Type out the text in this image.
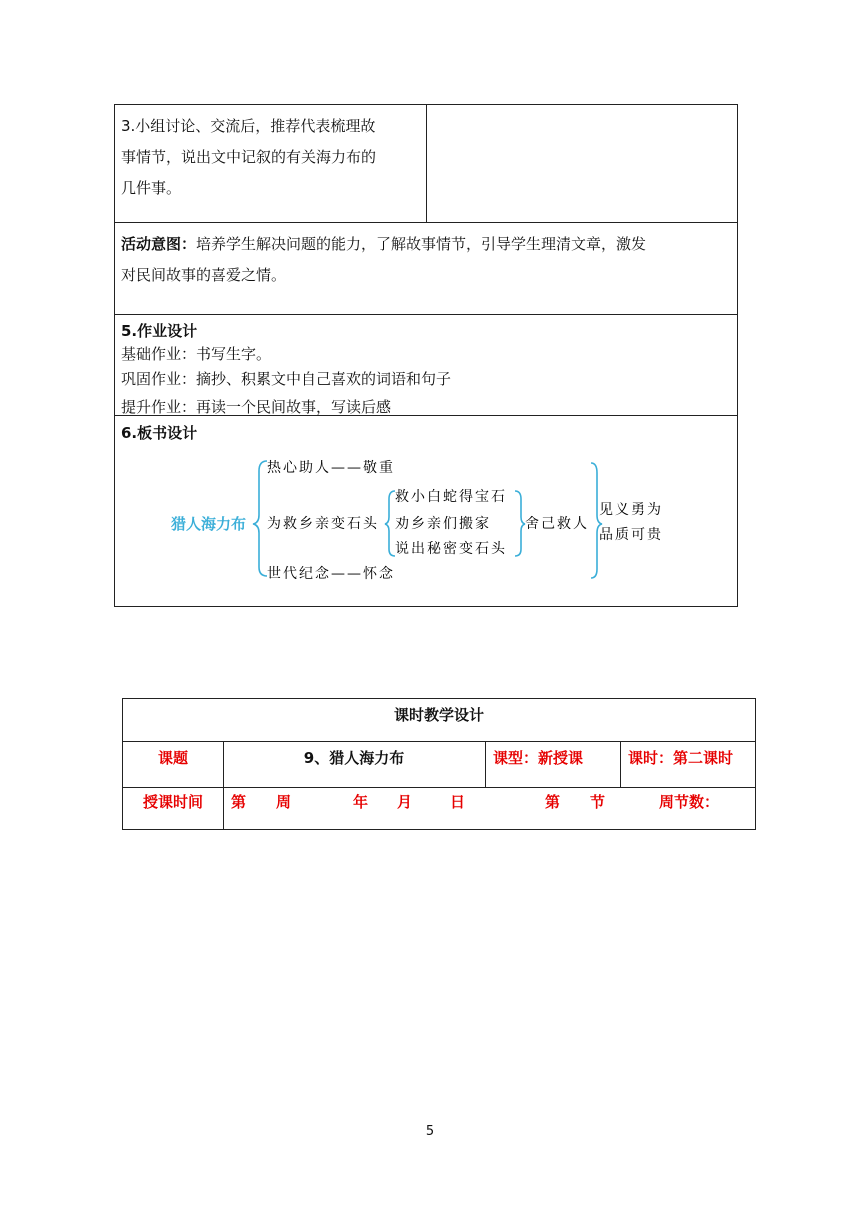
3.小组讨论、交流后，推荐代表梳理故
事情节，说出文中记叙的有关海力布的
几件事。
活动意图：培养学生解决问题的能力，了解故事情节，引导学生理清文章，激发
对民间故事的喜爱之情。
5.作业设计
基础作业：书写生字。
巩固作业：摘抄、积累文中自己喜欢的词语和句子
提升作业：再读一个民间故事，写读后感
6.板书设计
猎人海力布
热心助人——敬重
为救乡亲变石头
世代纪念——怀念
救小白蛇得宝石
劝乡亲们搬家
说出秘密变石头
舍己救人
见义勇为
品质可贵
课时教学设计
课题	9、猎人海力布	课型：新授课	课时：第二课时
授课时间	第　　周	年 月	日	第　　节	周节数：
5
